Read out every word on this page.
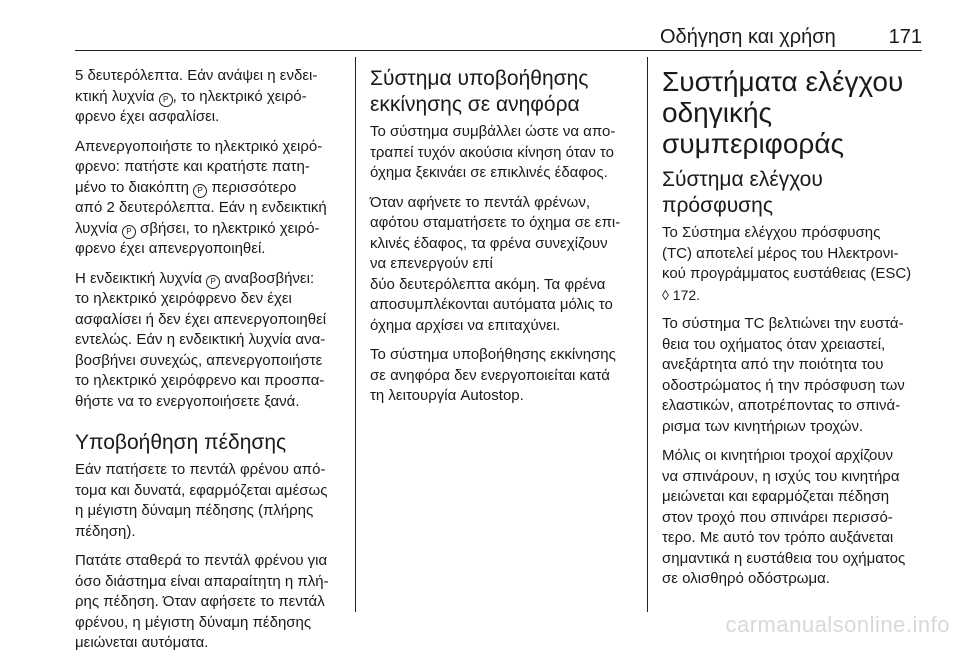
Οδήγηση και χρήση	171

5 δευτερόλεπτα. Εάν ανάψει η ενδει-
κτική λυχνία P , το ηλεκτρικό χειρό-
φρενο έχει ασφαλίσει.

Απενεργοποιήστε το ηλεκτρικό χειρό-
φρενο: πατήστε και κρατήστε πατη-
μένο το διακόπτη P περισσότερο
από 2 δευτερόλεπτα. Εάν η ενδεικτική
λυχνία P σβήσει, το ηλεκτρικό χειρό-
φρενο έχει απενεργοποιηθεί.

Η ενδεικτική λυχνία P αναβοσβήνει:
το ηλεκτρικό χειρόφρενο δεν έχει
ασφαλίσει ή δεν έχει απενεργοποιηθεί
εντελώς. Εάν η ενδεικτική λυχνία ανα-
βοσβήνει συνεχώς, απενεργοποιήστε
το ηλεκτρικό χειρόφρενο και προσπα-
θήστε να το ενεργοποιήσετε ξανά.

Υποβοήθηση πέδησης

Εάν πατήσετε το πεντάλ φρένου από-
τομα και δυνατά, εφαρμόζεται αμέσως
η μέγιστη δύναμη πέδησης (πλήρης
πέδηση).

Πατάτε σταθερά το πεντάλ φρένου για
όσο διάστημα είναι απαραίτητη η πλή-
ρης πέδηση. Όταν αφήσετε το πεντάλ
φρένου, η μέγιστη δύναμη πέδησης
μειώνεται αυτόματα.

Σύστημα υποβοήθησης
εκκίνησης σε ανηφόρα

Το σύστημα συμβάλλει ώστε να απο-
τραπεί τυχόν ακούσια κίνηση όταν το
όχημα ξεκινάει σε επικλινές έδαφος.

Όταν αφήνετε το πεντάλ φρένων,
αφότου σταματήσετε το όχημα σε επι-
κλινές έδαφος, τα φρένα συνεχίζουν
να επενεργούν επί
δύο δευτερόλεπτα ακόμη. Τα φρένα
αποσυμπλέκονται αυτόματα μόλις το
όχημα αρχίσει να επιταχύνει.

Το σύστημα υποβοήθησης εκκίνησης
σε ανηφόρα δεν ενεργοποιείται κατά
τη λειτουργία Autostop.

Συστήματα ελέγχου
οδηγικής
συμπεριφοράς
Σύστημα ελέγχου
πρόσφυσης

Το Σύστημα ελέγχου πρόσφυσης
(TC) αποτελεί μέρος του Ηλεκτρονι-
κού προγράμματος ευστάθειας (ESC)
◊ 172.

Το σύστημα TC βελτιώνει την ευστά-
θεια του οχήματος όταν χρειαστεί,
ανεξάρτητα από την ποιότητα του
οδοστρώματος ή την πρόσφυση των
ελαστικών, αποτρέποντας το σπινά-
ρισμα των κινητήριων τροχών.

Μόλις οι κινητήριοι τροχοί αρχίζουν
να σπινάρουν, η ισχύς του κινητήρα
μειώνεται και εφαρμόζεται πέδηση
στον τροχό που σπινάρει περισσό-
τερο. Με αυτό τον τρόπο αυξάνεται
σημαντικά η ευστάθεια του οχήματος
σε ολισθηρό οδόστρωμα.

carmanualsonline.info
